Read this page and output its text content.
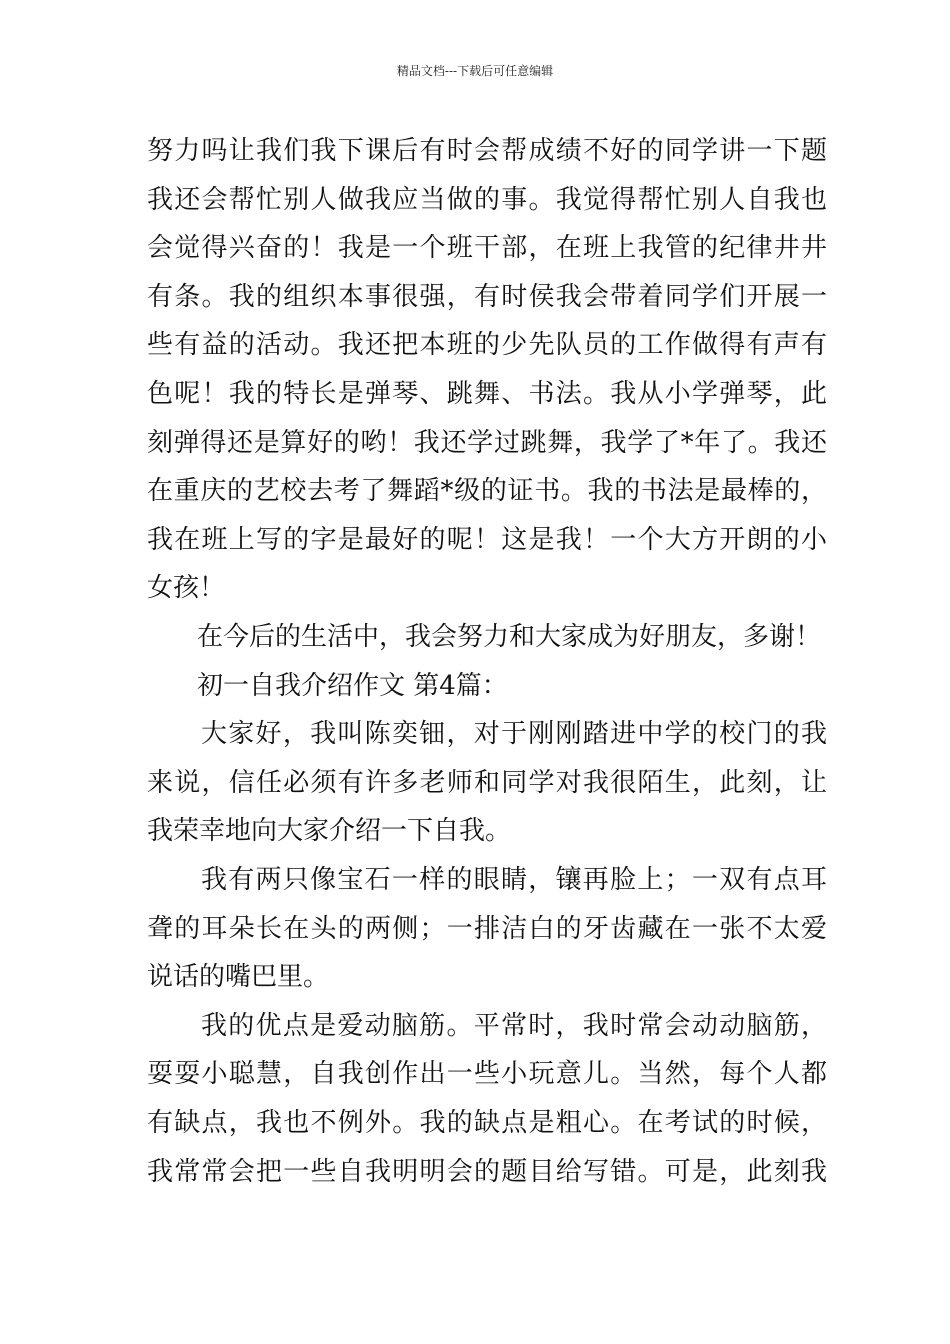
精品文档---下载后可任意编辑
努力吗让我们我下课后有时会帮成绩不好的同学讲一下题
我还会帮忙别人做我应当做的事。我觉得帮忙别人自我也
会觉得兴奋的！我是一个班干部，在班上我管的纪律井井
有条。我的组织本事很强，有时侯我会带着同学们开展一
些有益的活动。我还把本班的少先队员的工作做得有声有
色呢！我的特长是弹琴、跳舞、书法。我从小学弹琴，此
刻弹得还是算好的哟！我还学过跳舞，我学了*年了。我还
在重庆的艺校去考了舞蹈*级的证书。我的书法是最棒的，
我在班上写的字是最好的呢！这是我！一个大方开朗的小
女孩！
在今后的生活中，我会努力和大家成为好朋友，多谢！
初一自我介绍作文 第4篇：
大家好，我叫陈奕钿，对于刚刚踏进中学的校门的我
来说，信任必须有许多老师和同学对我很陌生，此刻，让
我荣幸地向大家介绍一下自我。
我有两只像宝石一样的眼睛，镶再脸上；一双有点耳
聋的耳朵长在头的两侧；一排洁白的牙齿藏在一张不太爱
说话的嘴巴里。
我的优点是爱动脑筋。平常时，我时常会动动脑筋，
耍耍小聪慧，自我创作出一些小玩意儿。当然，每个人都
有缺点，我也不例外。我的缺点是粗心。在考试的时候，
我常常会把一些自我明明会的题目给写错。可是，此刻我
